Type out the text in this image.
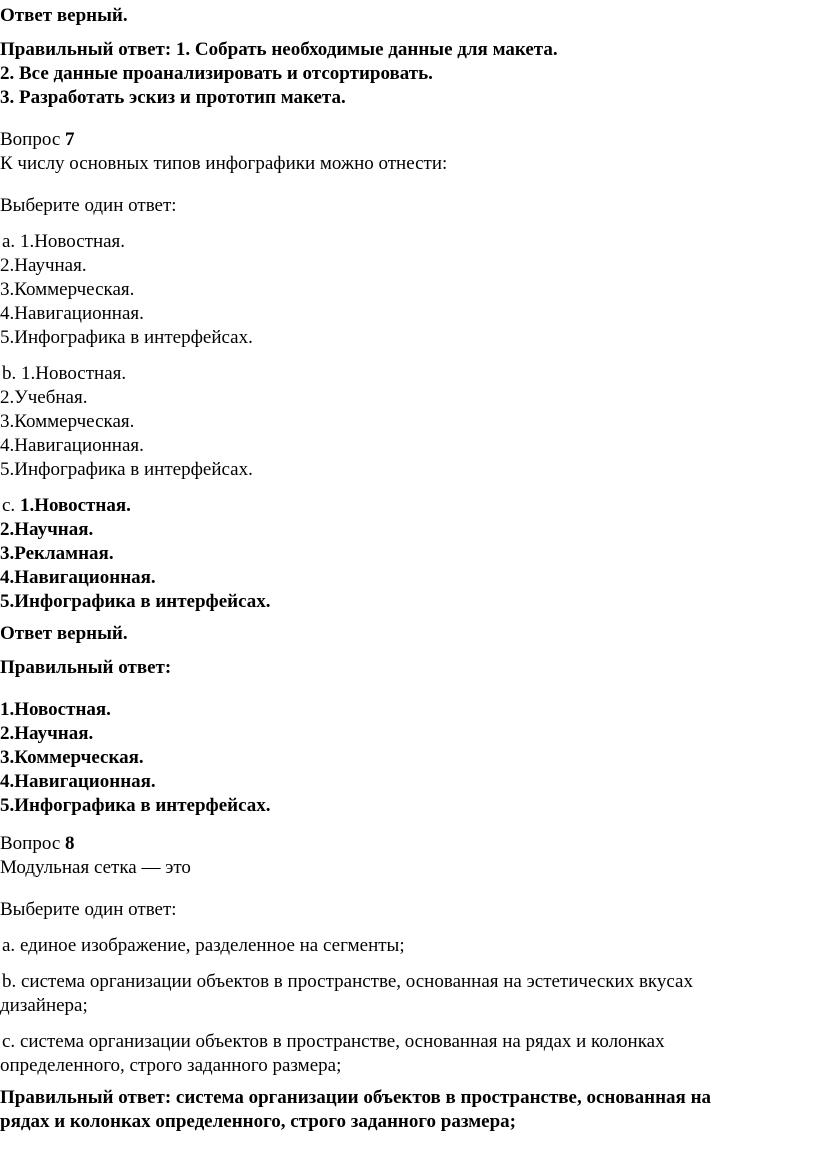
Ответ верный.
Правильный ответ: 1. Собрать необходимые данные для макета.
2. Все данные проанализировать и отсортировать.
3. Разработать эскиз и прототип макета.
Вопрос 7
К числу основных типов инфографики можно отнести:
Выберите один ответ:
a. 1.Новостная.
2.Научная.
3.Коммерческая.
4.Навигационная.
5.Инфографика в интерфейсах.
b. 1.Новостная.
2.Учебная.
3.Коммерческая.
4.Навигационная.
5.Инфографика в интерфейсах.
c. 1.Новостная.
2.Научная.
3.Рекламная.
4.Навигационная.
5.Инфографика в интерфейсах.
Ответ верный.
Правильный ответ:
1.Новостная.
2.Научная.
3.Коммерческая.
4.Навигационная.
5.Инфографика в интерфейсах.
Вопрос 8
Модульная сетка — это
Выберите один ответ:
a. единое изображение, разделенное на сегменты;
b. система организации объектов в пространстве, основанная на эстетических вкусах
дизайнера;
c. система организации объектов в пространстве, основанная на рядах и колонках
определенного, строго заданного размера;
Правильный ответ: система организации объектов в пространстве, основанная на
рядах и колонках определенного, строго заданного размера;
